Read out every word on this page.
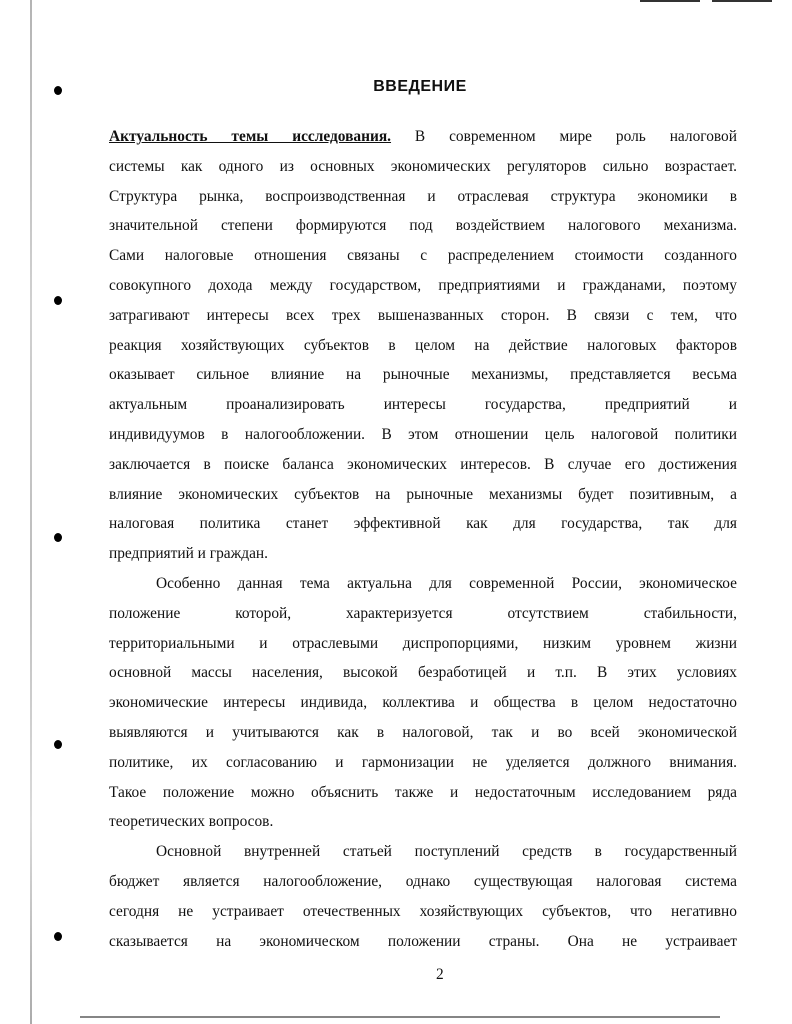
ВВЕДЕНИЕ
Актуальность темы исследования. В современном мире роль налоговой
системы как одного из основных экономических регуляторов сильно возрастает.
Структура рынка, воспроизводственная и отраслевая структура экономики в
значительной степени формируются под воздействием налогового механизма.
Сами налоговые отношения связаны с распределением стоимости созданного
совокупного дохода между государством, предприятиями и гражданами, поэтому
затрагивают интересы всех трех вышеназванных сторон. В связи с тем, что
реакция хозяйствующих субъектов в целом на действие налоговых факторов
оказывает сильное влияние на рыночные механизмы, представляется весьма
актуальным проанализировать интересы государства, предприятий и
индивидуумов в налогообложении. В этом отношении цель налоговой политики
заключается в поиске баланса экономических интересов. В случае его достижения
влияние экономических субъектов на рыночные механизмы будет позитивным, а
налоговая политика станет эффективной как для государства, так для
предприятий и граждан.
Особенно данная тема актуальна для современной России, экономическое
положение которой, характеризуется отсутствием стабильности,
территориальными и отраслевыми диспропорциями, низким уровнем жизни
основной массы населения, высокой безработицей и т.п. В этих условиях
экономические интересы индивида, коллектива и общества в целом недостаточно
выявляются и учитываются как в налоговой, так и во всей экономической
политике, их согласованию и гармонизации не уделяется должного внимания.
Такое положение можно объяснить также и недостаточным исследованием ряда
теоретических вопросов.
Основной внутренней статьей поступлений средств в государственный
бюджет является налогообложение, однако существующая налоговая система
сегодня не устраивает отечественных хозяйствующих субъектов, что негативно
сказывается на экономическом положении страны. Она не устраивает
2
